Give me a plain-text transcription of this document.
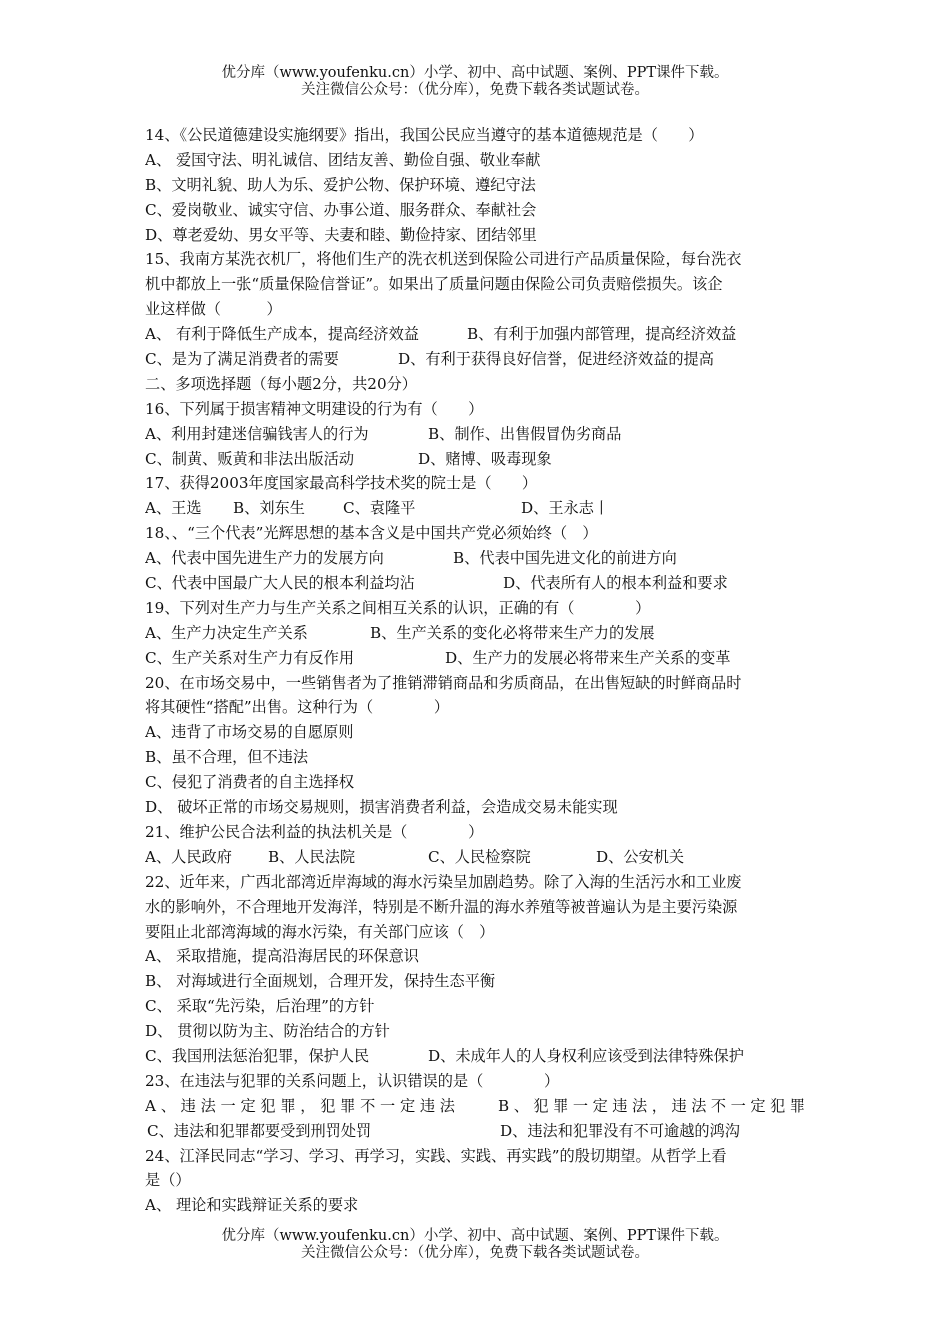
优分库（www.youfenku.cn）小学、初中、高中试题、案例、PPT课件下载。
关注微信公众号：（优分库），免费下载各类试题试卷。
14、《公民道德建设实施纲要》指出，我国公民应当遵守的基本道德规范是（　　）
A、 爱国守法、明礼诚信、团结友善、勤俭自强、敬业奉献
B、文明礼貌、助人为乐、爱护公物、保护环境、遵纪守法
C、爱岗敬业、诚实守信、办事公道、服务群众、奉献社会
D、尊老爱幼、男女平等、夫妻和睦、勤俭持家、团结邻里
15、我南方某洗衣机厂，将他们生产的洗衣机送到保险公司进行产品质量保险，每台洗衣
机中都放上一张“质量保险信誉证”。如果出了质量问题由保险公司负责赔偿损失。该企
业这样做（　　　）
A、 有利于降低生产成本，提高经济效益	B、有利于加强内部管理，提高经济效益
C、是为了满足消费者的需要	D、有利于获得良好信誉，促进经济效益的提高
二、多项选择题（每小题2分，共20分）
16、下列属于损害精神文明建设的行为有（　　）
A、利用封建迷信骗钱害人的行为	B、制作、出售假冒伪劣商品
C、制黄、贩黄和非法出版活动	D、赌博、吸毒现象
17、获得2003年度国家最高科学技术奖的院士是（　　）
A、王选 B、刘东生	C、袁隆平	D、王永志丨
18、、“三个代表”光辉思想的基本含义是中国共产党必须始终（　）
A、代表中国先进生产力的发展方向	B、代表中国先进文化的前进方向
C、代表中国最广大人民的根本利益均沾	D、代表所有人的根本利益和要求
19、下列对生产力与生产关系之间相互关系的认识，正确的有（　　　　）
A、生产力决定生产关系	B、生产关系的变化必将带来生产力的发展
C、生产关系对生产力有反作用	D、生产力的发展必将带来生产关系的变革
20、在市场交易中，一些销售者为了推销滞销商品和劣质商品，在出售短缺的时鲜商品时
将其硬性“搭配”出售。这种行为（　　　　）
A、违背了市场交易的自愿原则
B、虽不合理，但不违法
C、侵犯了消费者的自主选择权
D、 破坏正常的市场交易规则，损害消费者利益，会造成交易未能实现
21、维护公民合法利益的执法机关是（　　　　）
A、人民政府 B、人民法院	C、人民检察院	D、公安机关
22、近年来，广西北部湾近岸海域的海水污染呈加剧趋势。除了入海的生活污水和工业废
水的影响外，不合理地开发海洋，特别是不断升温的海水养殖等被普遍认为是主要污染源
要阻止北部湾海域的海水污染，有关部门应该（　）
A、 采取措施，提高沿海居民的环保意识
B、 对海域进行全面规划，合理开发，保持生态平衡
C、 采取“先污染，后治理”的方针
D、 贯彻以防为主、防治结合的方针
C、我国刑法惩治犯罪，保护人民	D、未成年人的人身权利应该受到法律特殊保护
23、在违法与犯罪的关系问题上，认识错误的是（　　　　）
A、违法一定犯罪，犯罪不一定违法	B、犯罪一定违法，违法不一定犯罪
C、违法和犯罪都要受到刑罚处罚	D、违法和犯罪没有不可逾越的鸿沟
24、江泽民同志“学习、学习、再学习，实践、实践、再实践”的殷切期望。从哲学上看
是（）
A、 理论和实践辩证关系的要求
优分库（www.youfenku.cn）小学、初中、高中试题、案例、PPT课件下载。
关注微信公众号：（优分库），免费下载各类试题试卷。
